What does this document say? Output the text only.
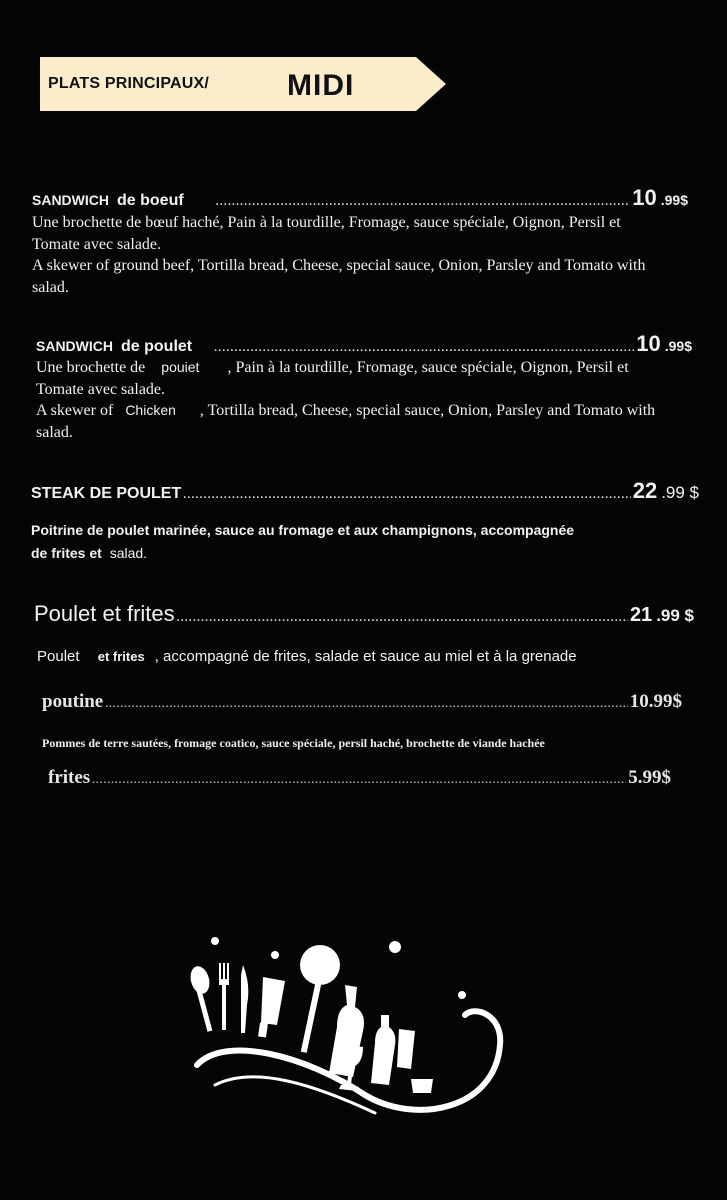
PLATS PRINCIPAUX/	MIDI
SANDWICH de boeuf .....	10 .99$
Une brochette de bœuf haché, Pain à la tourdille, Fromage, sauce spéciale, Oignon, Persil et Tomate avec salade.
A skewer of ground beef, Tortilla bread, Cheese, special sauce, Onion, Parsley and Tomato with salad.
SANDWICH de poulet .....	10 .99$
Une brochette de pouiet , Pain à la tourdille, Fromage, sauce spéciale, Oignon, Persil et Tomate avec salade.
A skewer of Chicken , Tortilla bread, Cheese, special sauce, Onion, Parsley and Tomato with salad.
STEAK DE POULET .....	22 .99 $
Poitrine de poulet marinée, sauce au fromage et aux champignons, accompagnée
de frites et salad.
Poulet et frites .....	21 .99 $
Poulet et frites , accompagné de frites, salade et sauce au miel et à la grenade
poutine .....	10.99$
Pommes de terre sautées, fromage coatico, sauce spéciale, persil haché, brochette de viande hachée
frites .....	5.99$
